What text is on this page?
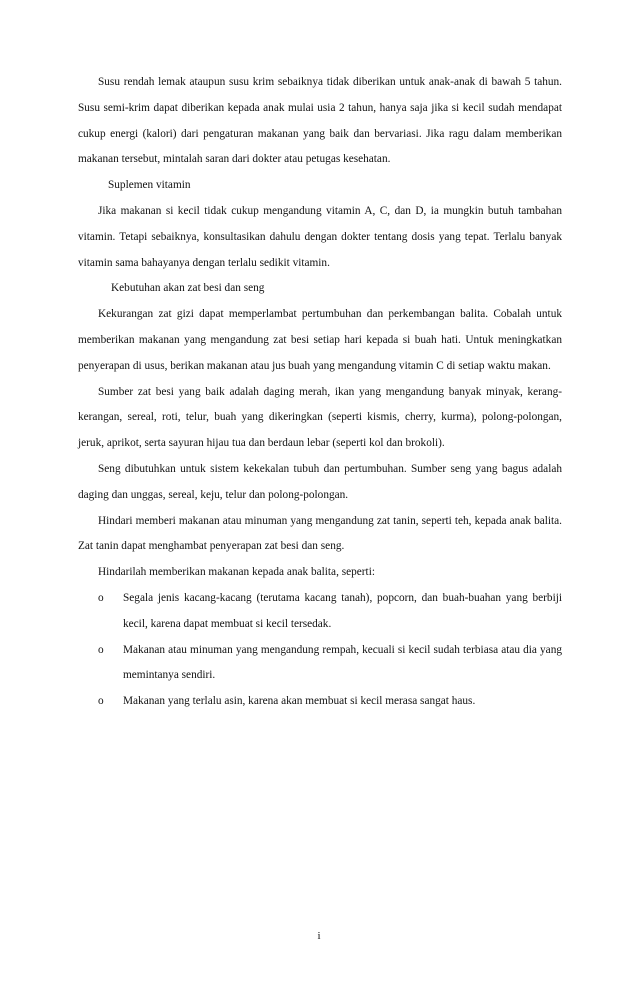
Susu rendah lemak ataupun susu krim sebaiknya tidak diberikan untuk anak-anak di bawah 5 tahun. Susu semi-krim dapat diberikan kepada anak mulai usia 2 tahun, hanya saja jika si kecil sudah mendapat cukup energi (kalori) dari pengaturan makanan yang baik dan bervariasi. Jika ragu dalam memberikan makanan tersebut, mintalah saran dari dokter atau petugas kesehatan.

Suplemen vitamin

Jika makanan si kecil tidak cukup mengandung vitamin A, C, dan D, ia mungkin butuh tambahan vitamin. Tetapi sebaiknya, konsultasikan dahulu dengan dokter tentang dosis yang tepat. Terlalu banyak vitamin sama bahayanya dengan terlalu sedikit vitamin.

Kebutuhan akan zat besi dan seng

Kekurangan zat gizi dapat memperlambat pertumbuhan dan perkembangan balita. Cobalah untuk memberikan makanan yang mengandung zat besi setiap hari kepada si buah hati. Untuk meningkatkan penyerapan di usus, berikan makanan atau jus buah yang mengandung vitamin C di setiap waktu makan.

Sumber zat besi yang baik adalah daging merah, ikan yang mengandung banyak minyak, kerang-kerangan, sereal, roti, telur, buah yang dikeringkan (seperti kismis, cherry, kurma), polong-polongan, jeruk, aprikot, serta sayuran hijau tua dan berdaun lebar (seperti kol dan brokoli).

Seng dibutuhkan untuk sistem kekekalan tubuh dan pertumbuhan. Sumber seng yang bagus adalah daging dan unggas, sereal, keju, telur dan polong-polongan.

Hindari memberi makanan atau minuman yang mengandung zat tanin, seperti teh, kepada anak balita. Zat tanin dapat menghambat penyerapan zat besi dan seng.

Hindarilah memberikan makanan kepada anak balita, seperti:

o Segala jenis kacang-kacang (terutama kacang tanah), popcorn, dan buah-buahan yang berbiji kecil, karena dapat membuat si kecil tersedak.
o Makanan atau minuman yang mengandung rempah, kecuali si kecil sudah terbiasa atau dia yang memintanya sendiri.
o Makanan yang terlalu asin, karena akan membuat si kecil merasa sangat haus.
i
